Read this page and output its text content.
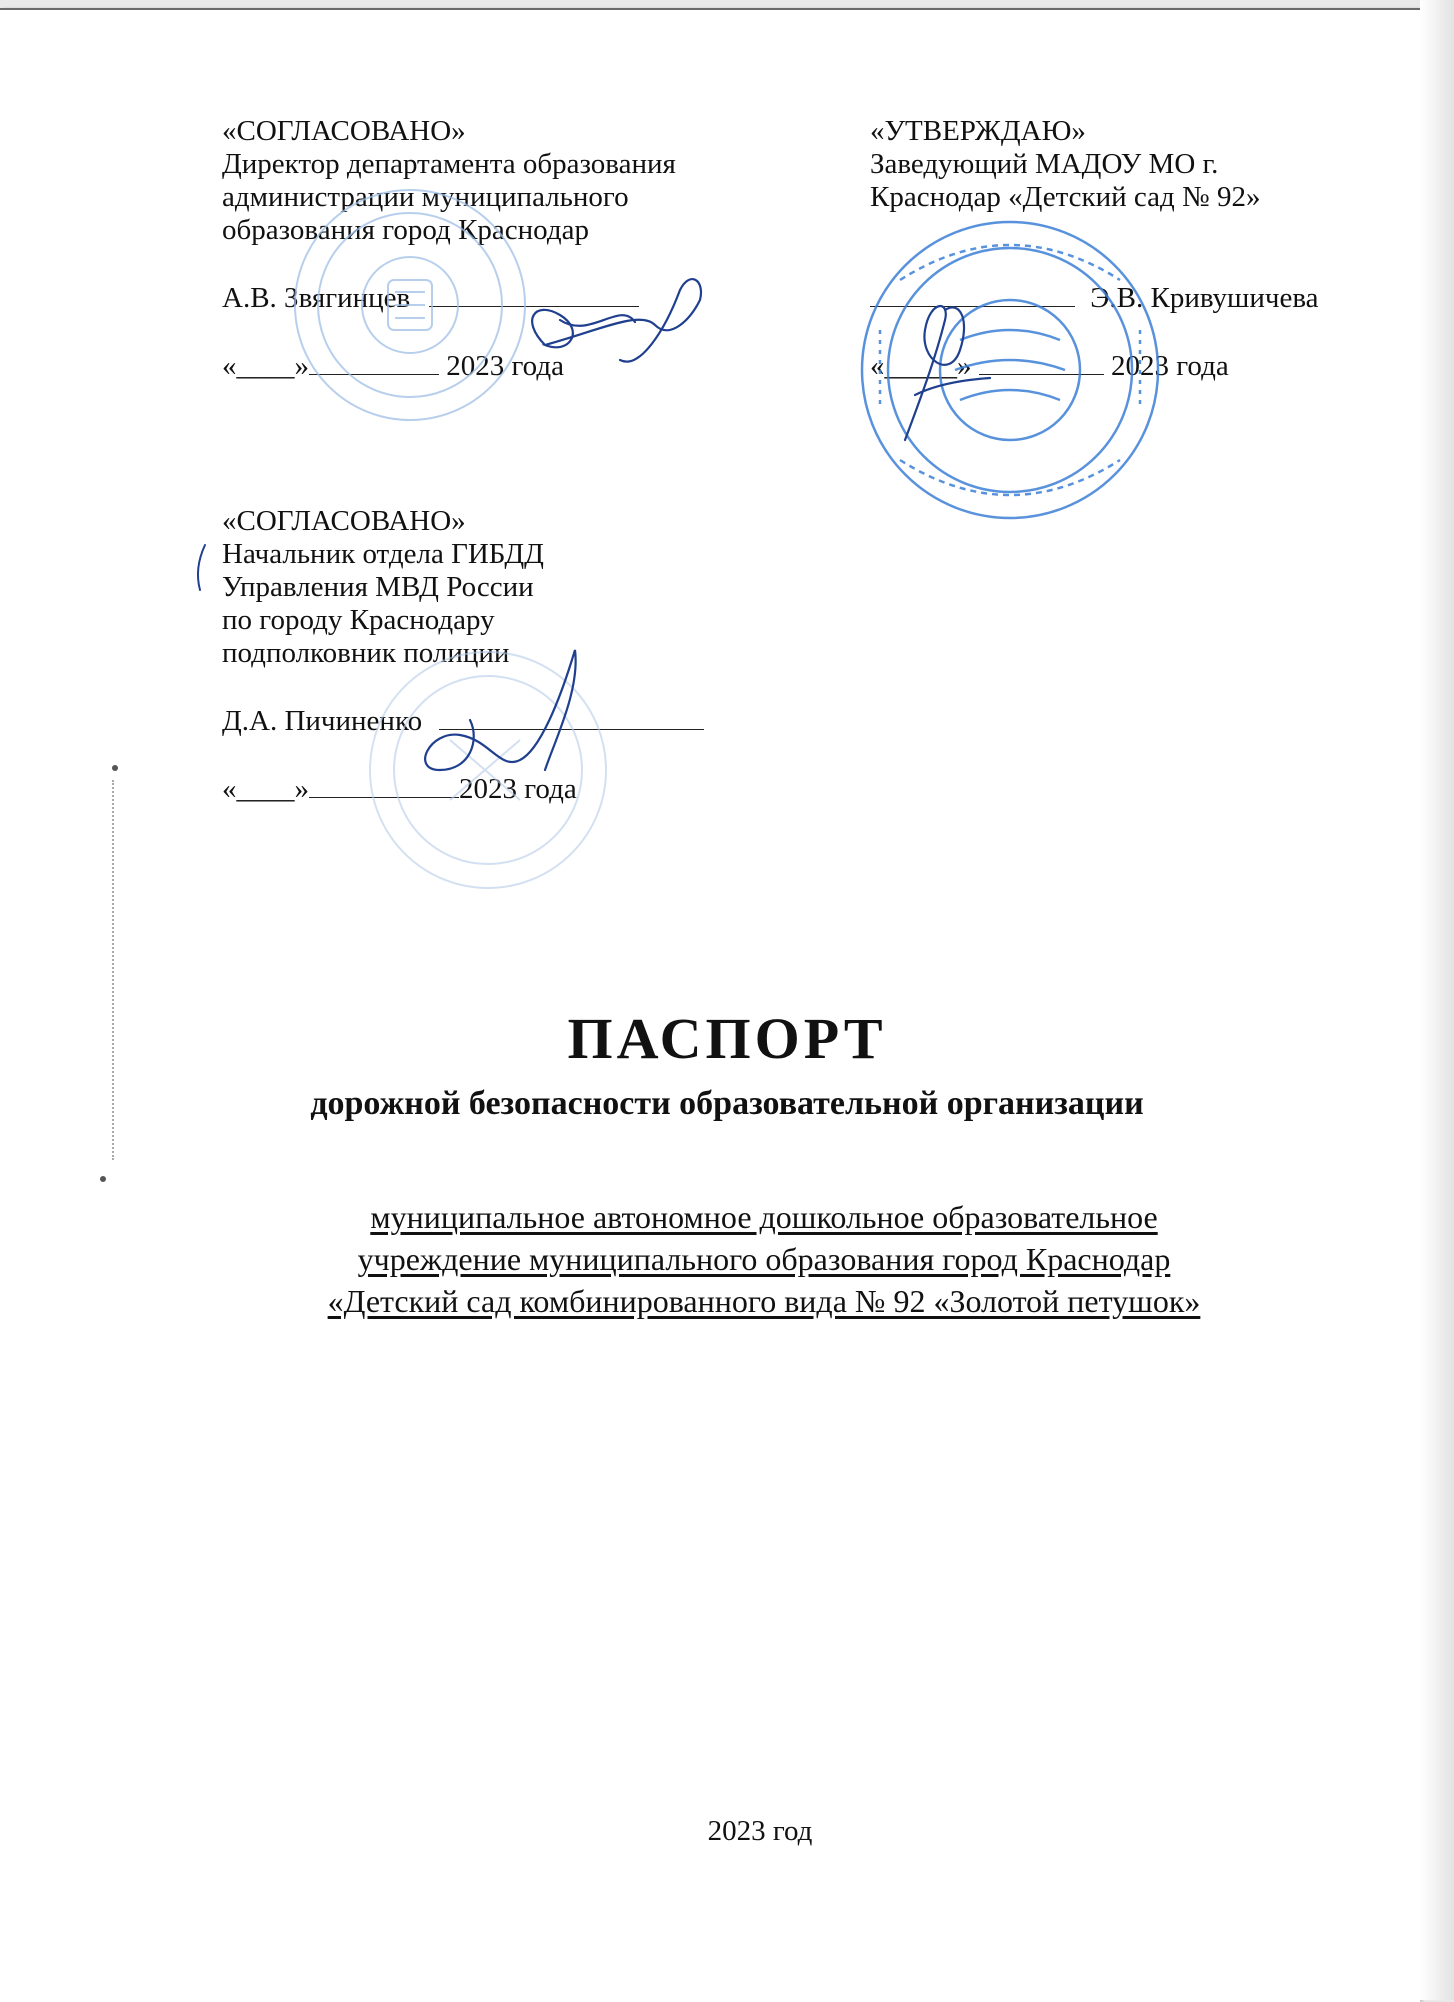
«СОГЛАСОВАНО»
Директор департамента образования
администрации муниципального
образования город Краснодар
А.В. Звягинцев
«____»	2023 года
«УТВЕРЖДАЮ»
Заведующий МАДОУ МО г.
Краснодар «Детский сад № 92»
Э.В. Кривушичева
«_____»	2023 года
«СОГЛАСОВАНО»
Начальник отдела ГИБДД
Управления МВД России
по городу Краснодару
подполковник полиции
Д.А. Пичиненко
«____»	2023 года
ПАСПОРТ
дорожной безопасности образовательной организации
муниципальное автономное дошкольное образовательное
учреждение муниципального образования город Краснодар
«Детский сад комбинированного вида № 92 «Золотой петушок»
2023 год
